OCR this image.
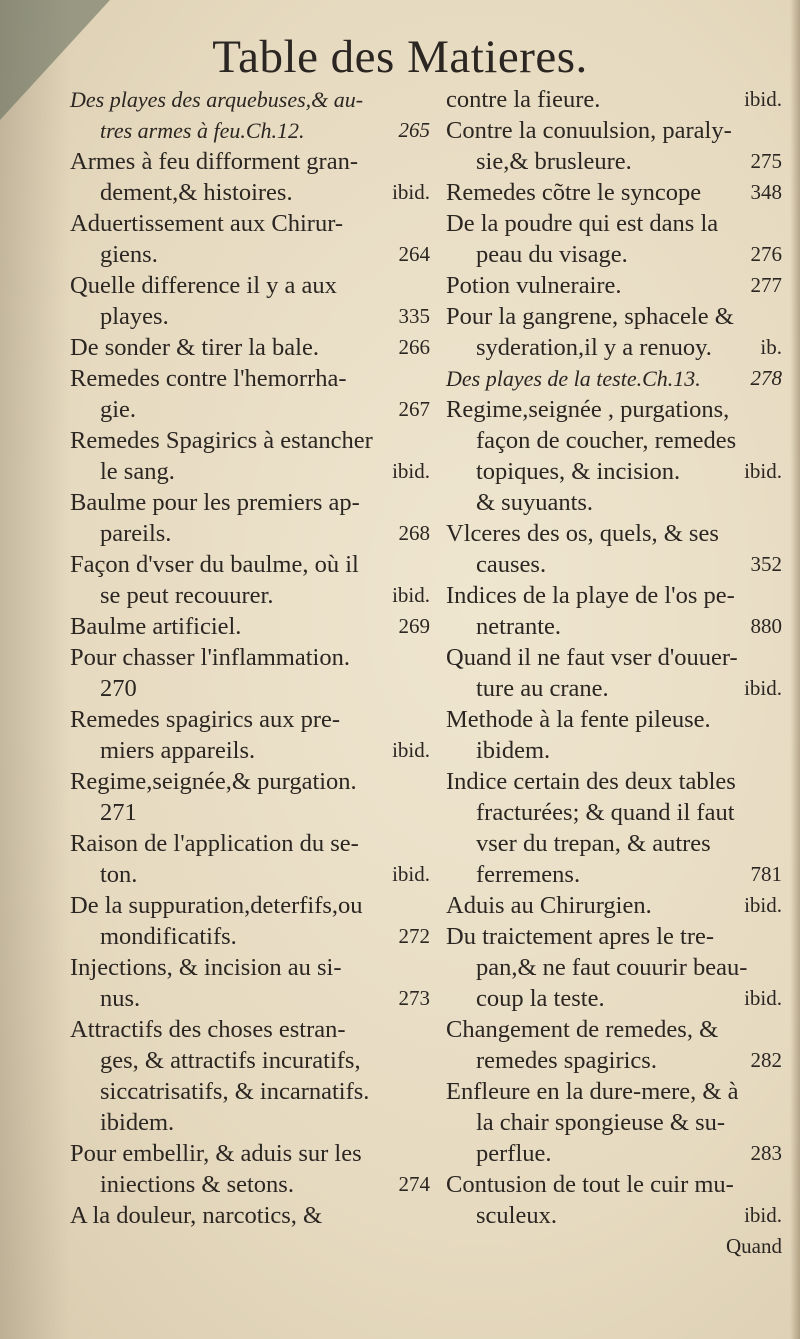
Table des Matieres.
Des playes des arquebuses,& au-
tres armes à feu.Ch.12.	265
Armes à feu difforment gran-
dement,& histoires.	ibid.
Aduertissement aux Chirur-
giens.	264
Quelle difference il y a aux
playes.	335
De sonder & tirer la bale.	266
Remedes contre l'hemorrha-
gie.	267
Remedes Spagirics à estancher
le sang.	ibid.
Baulme pour les premiers ap-
pareils.	268
Façon d'vser du baulme, où il
se peut recouurer.	ibid.
Baulme artificiel.	269
Pour chasser l'inflammation.
270
Remedes spagirics aux pre-
miers appareils.	ibid.
Regime,seignée,& purgation.
271
Raison de l'application du se-
ton.	ibid.
De la suppuration,deterfifs,ou
mondificatifs.	272
Injections, & incision au si-
nus.	273
Attractifs des choses estran-
ges, & attractifs incuratifs,
siccatrisatifs, & incarnatifs.
ibidem.
Pour embellir, & aduis sur les
iniections & setons.	274
A la douleur, narcotics, &
contre la fieure.	ibid.
Contre la conuulsion, paraly-
sie,& brusleure.	275
Remedes cõtre le syncope 348
De la poudre qui est dans la
peau du visage.	276
Potion vulneraire.	277
Pour la gangrene, sphacele &
syderation,il y a renuoy. ib.
Des playes de la teste.Ch.13. 278
Regime,seignée , purgations,
façon de coucher, remedes
topiques, & incision.	ibid.
& suyuants.
Vlceres des os, quels, & ses
causes.	352
Indices de la playe de l'os pe-
netrante.	880
Quand il ne faut vser d'ouuer-
ture au crane.	ibid.
Methode à la fente pileuse.
ibidem.
Indice certain des deux tables
fracturées; & quand il faut
vser du trepan, & autres
ferremens.	781
Aduis au Chirurgien.	ibid.
Du traictement apres le tre-
pan,& ne faut couurir beau-
coup la teste.	ibid.
Changement de remedes, &
remedes spagirics.	282
Enfleure en la dure-mere, & à
la chair spongieuse & su-
perflue.	283
Contusion de tout le cuir mu-
sculeux.	ibid.
Quand
